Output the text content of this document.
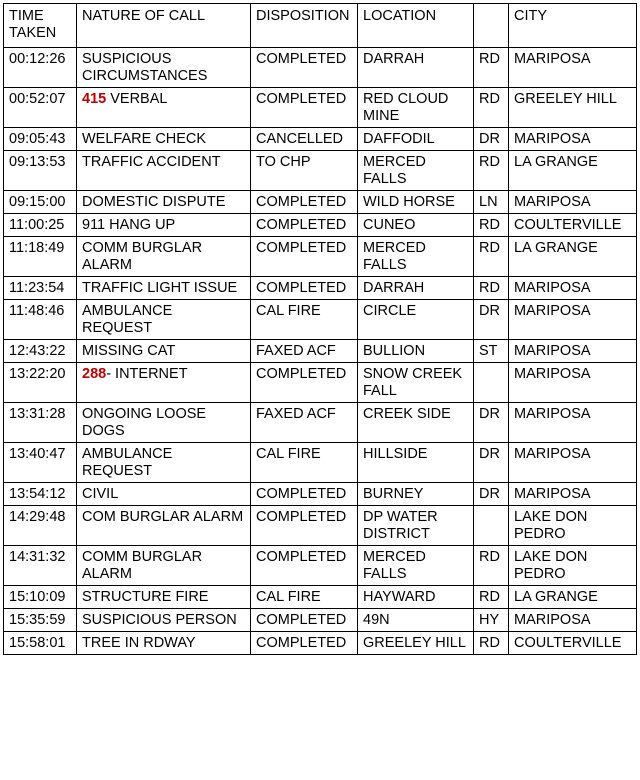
TIME TAKEN	NATURE OF CALL	DISPOSITION	LOCATION		CITY
00:12:26	SUSPICIOUS CIRCUMSTANCES	COMPLETED	DARRAH	RD	MARIPOSA
00:52:07	415 VERBAL	COMPLETED	RED CLOUD MINE	RD	GREELEY HILL
09:05:43	WELFARE CHECK	CANCELLED	DAFFODIL	DR	MARIPOSA
09:13:53	TRAFFIC ACCIDENT	TO CHP	MERCED FALLS	RD	LA GRANGE
09:15:00	DOMESTIC DISPUTE	COMPLETED	WILD HORSE	LN	MARIPOSA
11:00:25	911 HANG UP	COMPLETED	CUNEO	RD	COULTERVILLE
11:18:49	COMM BURGLAR ALARM	COMPLETED	MERCED FALLS	RD	LA GRANGE
11:23:54	TRAFFIC LIGHT ISSUE	COMPLETED	DARRAH	RD	MARIPOSA
11:48:46	AMBULANCE REQUEST	CAL FIRE	CIRCLE	DR	MARIPOSA
12:43:22	MISSING CAT	FAXED ACF	BULLION	ST	MARIPOSA
13:22:20	288- INTERNET	COMPLETED	SNOW CREEK FALL		MARIPOSA
13:31:28	ONGOING LOOSE DOGS	FAXED ACF	CREEK SIDE	DR	MARIPOSA
13:40:47	AMBULANCE REQUEST	CAL FIRE	HILLSIDE	DR	MARIPOSA
13:54:12	CIVIL	COMPLETED	BURNEY	DR	MARIPOSA
14:29:48	COM BURGLAR ALARM	COMPLETED	DP WATER DISTRICT		LAKE DON PEDRO
14:31:32	COMM BURGLAR ALARM	COMPLETED	MERCED FALLS	RD	LAKE DON PEDRO
15:10:09	STRUCTURE FIRE	CAL FIRE	HAYWARD	RD	LA GRANGE
15:35:59	SUSPICIOUS PERSON	COMPLETED	49N	HY	MARIPOSA
15:58:01	TREE IN RDWAY	COMPLETED	GREELEY HILL	RD	COULTERVILLE
